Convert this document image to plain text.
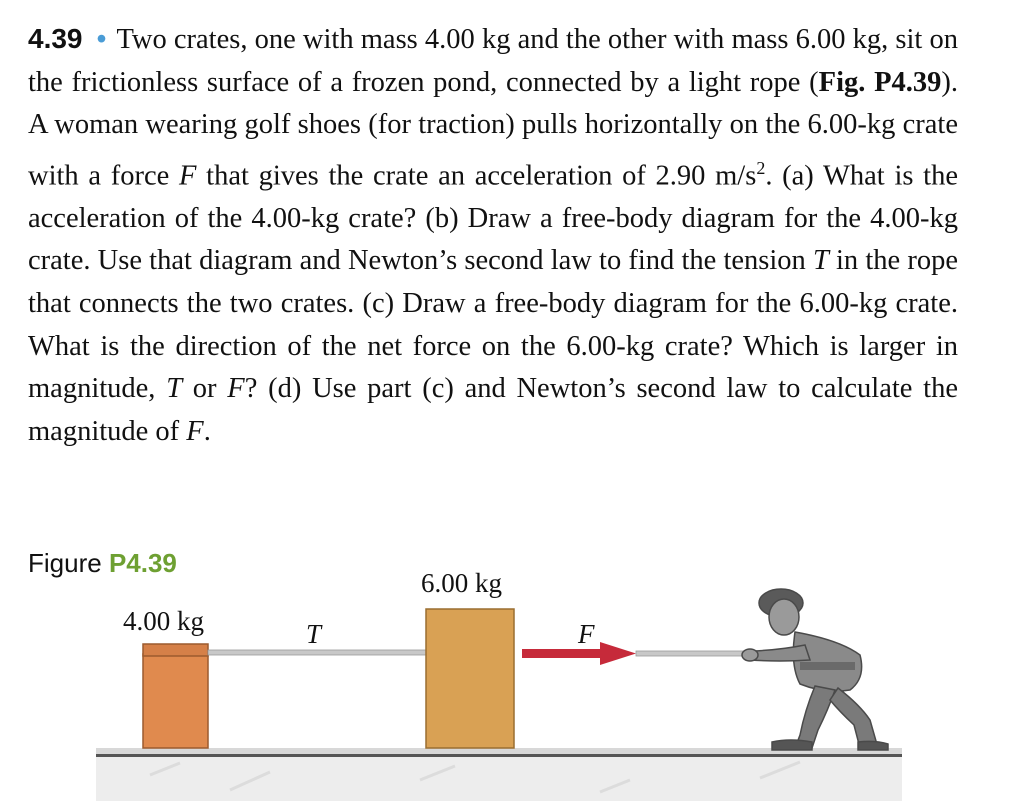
4.39 • Two crates, one with mass 4.00 kg and the other with mass 6.00 kg, sit on the frictionless surface of a frozen pond, connected by a light rope (Fig. P4.39). A woman wearing golf shoes (for traction) pulls horizontally on the 6.00-kg crate with a force F that gives the crate an acceleration of 2.90 $m/s^2$. (a) What is the acceleration of the 4.00-kg crate? (b) Draw a free-body diagram for the 4.00-kg crate. Use that diagram and Newton’s second law to find the tension T in the rope that connects the two crates. (c) Draw a free-body diagram for the 6.00-kg crate. What is the direction of the net force on the 6.00-kg crate? Which is larger in magnitude, T or F? (d) Use part (c) and Newton’s second law to calculate the magnitude of F.

Figure P4.39
4.00 kg
6.00 kg
T	F
